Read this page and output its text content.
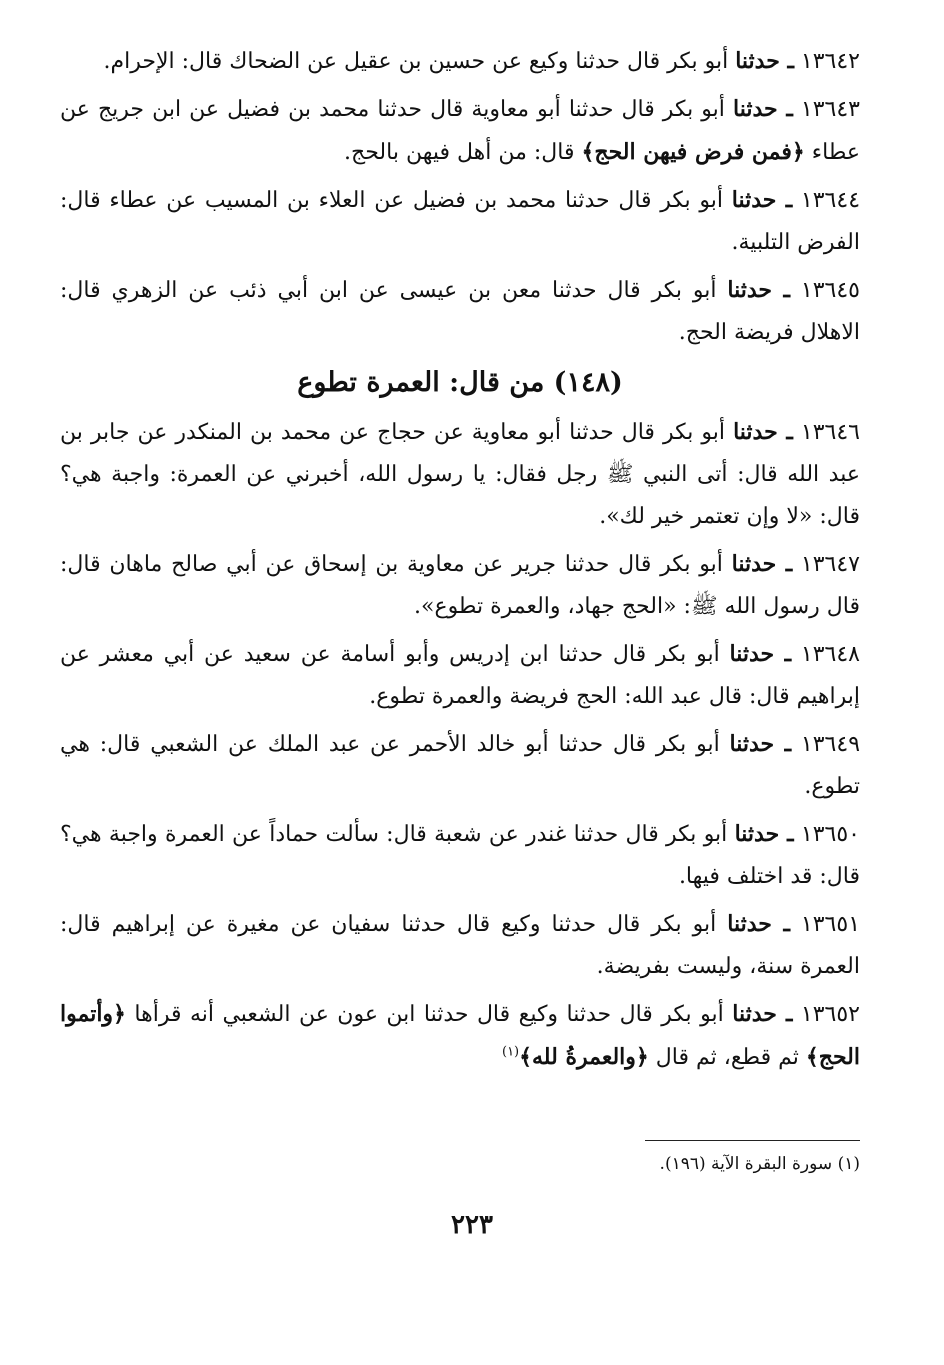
١٣٦٤٢ ـ حدثنا أبو بكر قال حدثنا وكيع عن حسين بن عقيل عن الضحاك قال: الإحرام.

١٣٦٤٣ ـ حدثنا أبو بكر قال حدثنا أبو معاوية قال حدثنا محمد بن فضيل عن ابن جريج عن عطاء ﴿فمن فرض فيهن الحج﴾ قال: من أهل فيهن بالحج.

١٣٦٤٤ ـ حدثنا أبو بكر قال حدثنا محمد بن فضيل عن العلاء بن المسيب عن عطاء قال: الفرض التلبية.

١٣٦٤٥ ـ حدثنا أبو بكر قال حدثنا معن بن عيسى عن ابن أبي ذئب عن الزهري قال: الاهلال فريضة الحج.

(١٤٨) من قال: العمرة تطوع

١٣٦٤٦ ـ حدثنا أبو بكر قال حدثنا أبو معاوية عن حجاج عن محمد بن المنكدر عن جابر بن عبد الله قال: أتى النبي ﷺ رجل فقال: يا رسول الله، أخبرني عن العمرة: واجبة هي؟ قال: «لا وإن تعتمر خير لك».

١٣٦٤٧ ـ حدثنا أبو بكر قال حدثنا جرير عن معاوية بن إسحاق عن أبي صالح ماهان قال: قال رسول الله ﷺ: «الحج جهاد، والعمرة تطوع».

١٣٦٤٨ ـ حدثنا أبو بكر قال حدثنا ابن إدريس وأبو أسامة عن سعيد عن أبي معشر عن إبراهيم قال: قال عبد الله: الحج فريضة والعمرة تطوع.

١٣٦٤٩ ـ حدثنا أبو بكر قال حدثنا أبو خالد الأحمر عن عبد الملك عن الشعبي قال: هي تطوع.

١٣٦٥٠ ـ حدثنا أبو بكر قال حدثنا غندر عن شعبة قال: سألت حماداً عن العمرة واجبة هي؟ قال: قد اختلف فيها.

١٣٦٥١ ـ حدثنا أبو بكر قال حدثنا وكيع قال حدثنا سفيان عن مغيرة عن إبراهيم قال: العمرة سنة، وليست بفريضة.

١٣٦٥٢ ـ حدثنا أبو بكر قال حدثنا وكيع قال حدثنا ابن عون عن الشعبي أنه قرأها ﴿وأتموا الحج﴾ ثم قطع، ثم قال ﴿والعمرةُ لله﴾$^{(١)}$

(١) سورة البقرة الآية (١٩٦).
٢٢٣
